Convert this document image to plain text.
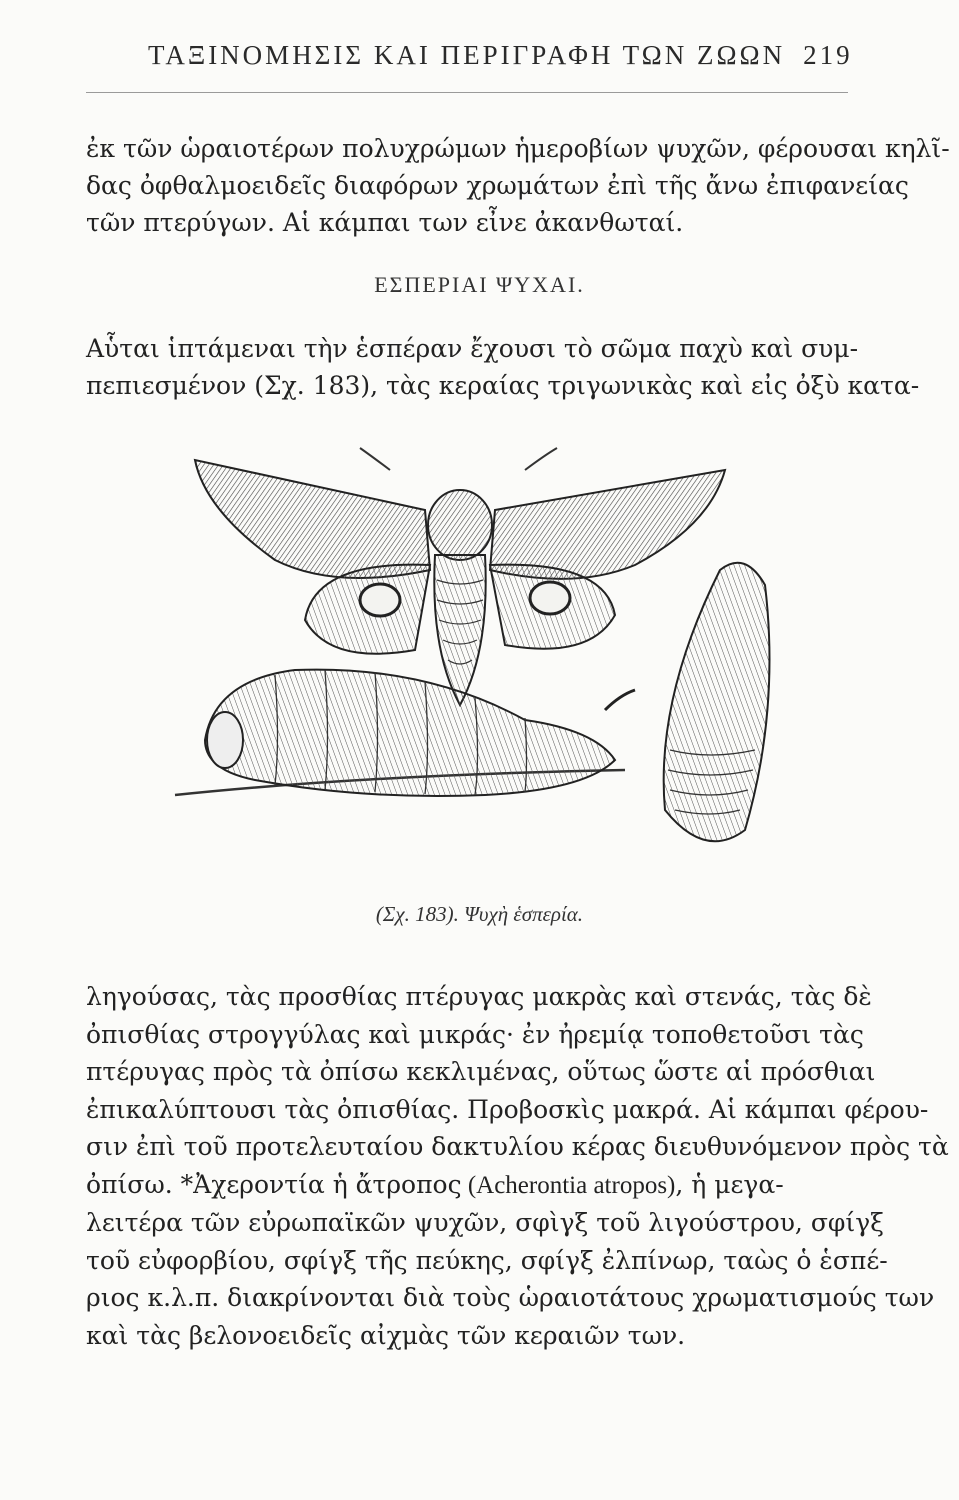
ΤΑΞΙΝΟΜΗΣΙΣ ΚΑΙ ΠΕΡΙΓΡΑΦΗ ΤΩΝ ΖΩΩΝ 219
ἐκ τῶν ὡραιοτέρων πολυχρώμων ἡμεροβίων ψυχῶν, φέρουσαι κηλῖ-
δας ὀφθαλμοειδεῖς διαφόρων χρωμάτων ἐπὶ τῆς ἄνω ἐπιφανείας
τῶν πτερύγων. Αἱ κάμπαι των εἶνε ἀκανθωταί.
ΕΣΠΕΡΙΑΙ ΨΥΧΑΙ.
Αὗται ἱπτάμεναι τὴν ἑσπέραν ἔχουσι τὸ σῶμα παχὺ καὶ συμ-
πεπιεσμένον (Σχ. 183), τὰς κεραίας τριγωνικὰς καὶ εἰς ὀξὺ κατα-
(Σχ. 183). Ψυχὴ ἑσπερία.
ληγούσας, τὰς προσθίας πτέρυγας μακρὰς καὶ στενάς, τὰς δὲ
ὀπισθίας στρογγύλας καὶ μικράς· ἐν ἠρεμίᾳ τοποθετοῦσι τὰς
πτέρυγας πρὸς τὰ ὀπίσω κεκλιμένας, οὕτως ὥστε αἱ πρόσθιαι
ἐπικαλύπτουσι τὰς ὀπισθίας. Προβοσκὶς μακρά. Αἱ κάμπαι φέρου-
σιν ἐπὶ τοῦ προτελευταίου δακτυλίου κέρας διευθυνόμενον πρὸς τὰ
ὀπίσω. *Ἀχεροντία ἡ ἄτροπος (Acherontia atropos), ἡ μεγα-
λειτέρα τῶν εὐρωπαϊκῶν ψυχῶν, σφὶγξ τοῦ λιγούστρου, σφίγξ
τοῦ εὐφορβίου, σφίγξ τῆς πεύκης, σφίγξ ἐλπίνωρ, ταὼς ὁ ἑσπέ-
ριος κ.λ.π. διακρίνονται διὰ τοὺς ὡραιοτάτους χρωματισμούς των
καὶ τὰς βελονοειδεῖς αἰχμὰς τῶν κεραιῶν των.
